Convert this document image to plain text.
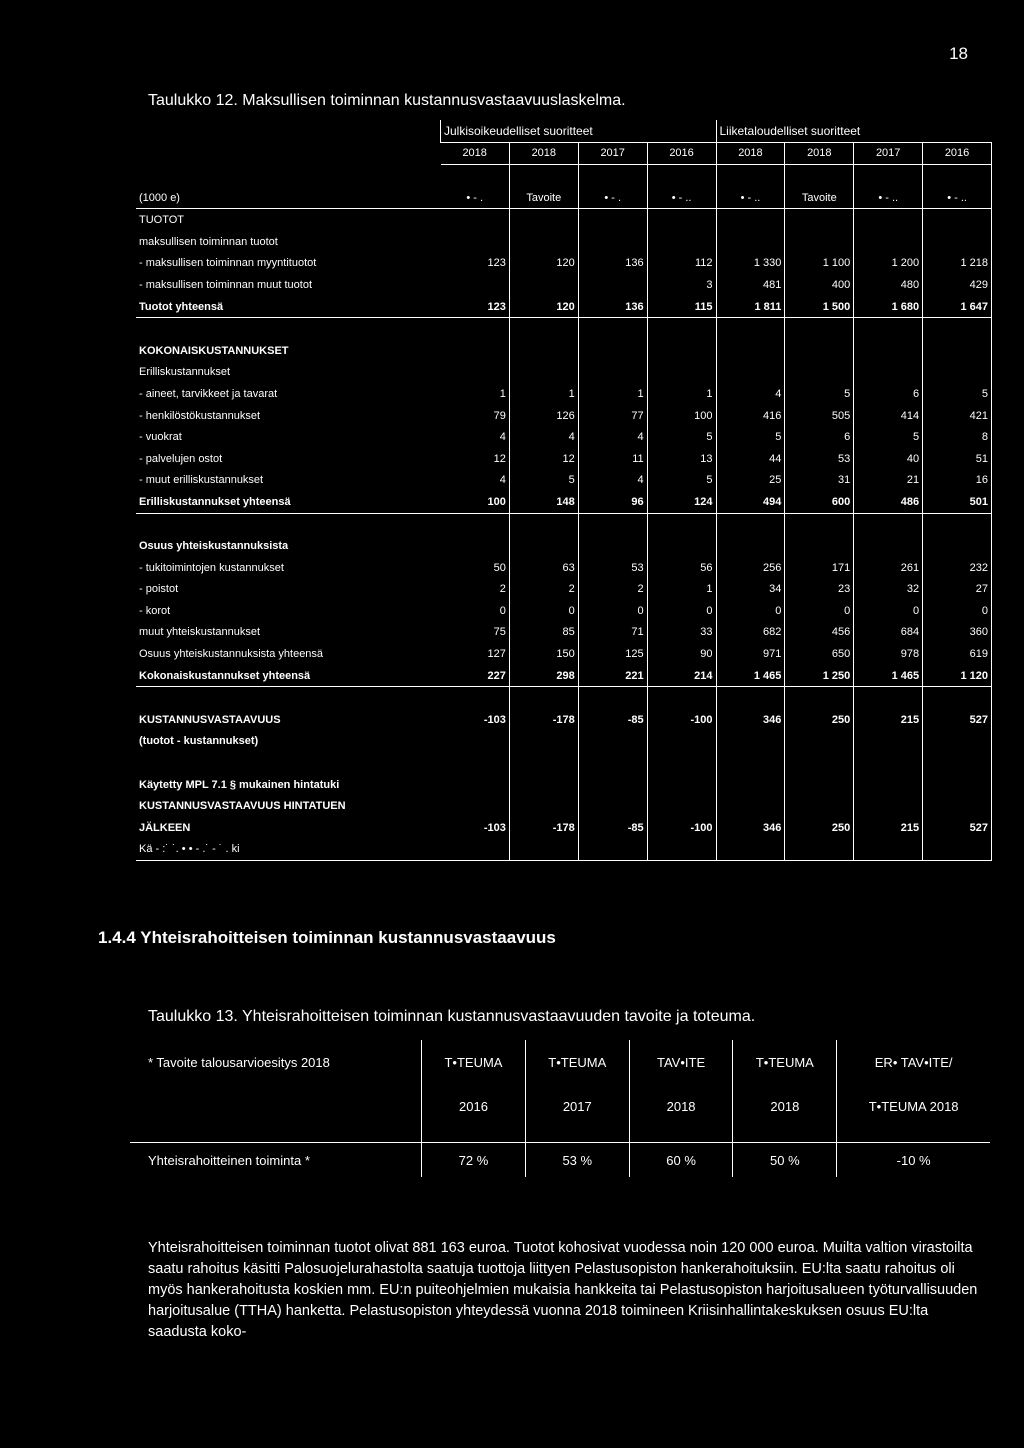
18
Taulukko 12. Maksullisen toiminnan kustannusvastaavuuslaskelma.
	Julkisoikeudelliset suoritteet				Liiketaloudelliset suoritteet			
	2018	2018	2017	2016	2018	2018	2017	2016

(1000 e)	• - .	Tavoite	• - .	• - ..	• - ..	Tavoite	• - ..	• - ..
TUOTOT								
maksullisen toiminnan tuotot								
- maksullisen toiminnan myyntituotot	123	120	136	112	1 330	1 100	1 200	1 218
- maksullisen toiminnan muut tuotot				3	481	400	480	429
Tuotot yhteensä	123	120	136	115	1 811	1 500	1 680	1 647

KOKONAISKUSTANNUKSET								
Erilliskustannukset								
- aineet, tarvikkeet ja tavarat	1	1	1	1	4	5	6	5
- henkilöstökustannukset	79	126	77	100	416	505	414	421
- vuokrat	4	4	4	5	5	6	5	8
- palvelujen ostot	12	12	11	13	44	53	40	51
- muut erilliskustannukset	4	5	4	5	25	31	21	16
Erilliskustannukset yhteensä	100	148	96	124	494	600	486	501

Osuus yhteiskustannuksista								
- tukitoimintojen kustannukset	50	63	53	56	256	171	261	232
- poistot	2	2	2	1	34	23	32	27
- korot	0	0	0	0	0	0	0	0
muut yhteiskustannukset	75	85	71	33	682	456	684	360
Osuus yhteiskustannuksista yhteensä	127	150	125	90	971	650	978	619
Kokonaiskustannukset yhteensä	227	298	221	214	1 465	1 250	1 465	1 120

KUSTANNUSVASTAAVUUS	-103	-178	-85	-100	346	250	215	527
(tuotot - kustannukset)								

Käytetty MPL 7.1 § mukainen hintatuki								
KUSTANNUSVASTAAVUUS HINTATUEN								
JÄLKEEN	-103	-178	-85	-100	346	250	215	527
Kä - :˙ ˙. • • - .˙ - ˙ . ki								
1.4.4 Yhteisrahoitteisen toiminnan kustannusvastaavuus
Taulukko 13. Yhteisrahoitteisen toiminnan kustannusvastaavuuden tavoite ja toteuma.
* Tavoite talousarvioesitys 2018	T•TEUMA	T•TEUMA	TAV•ITE	T•TEUMA	ER• TAV•ITE/
	2016	2017	2018	2018	T•TEUMA 2018

Yhteisrahoitteinen toiminta *	72 %	53 %	60 %	50 %	-10 %
Yhteisrahoitteisen toiminnan tuotot olivat 881 163 euroa. Tuotot kohosivat vuodessa noin 120 000 euroa. Muilta valtion virastoilta saatu rahoitus käsitti Palosuojelurahastolta saatuja tuottoja liittyen Pelastusopiston hankerahoituksiin. EU:lta saatu rahoitus oli myös hankerahoitusta koskien mm. EU:n puiteohjelmien mukaisia hankkeita tai Pelastusopiston harjoitusalueen työturvallisuuden harjoitusalue (TTHA) hanketta. Pelastusopiston yhteydessä vuonna 2018 toimineen Kriisinhallintakeskuksen osuus EU:lta saadusta koko-
